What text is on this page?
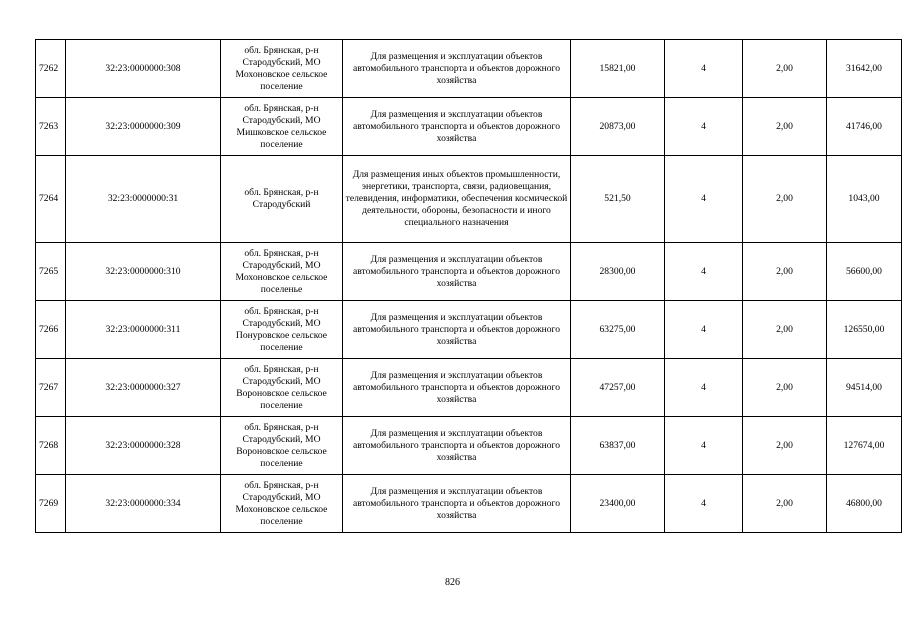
7262	32:23:0000000:308	обл. Брянская, р-н Стародубский, МО Мохоновское сельское поселение	Для размещения и эксплуатации объектов автомобильного транспорта и объектов дорожного хозяйства	15821,00	4	2,00	31642,00
7263	32:23:0000000:309	обл. Брянская, р-н Стародубский, МО Мишковское сельское поселение	Для размещения и эксплуатации объектов автомобильного транспорта и объектов дорожного хозяйства	20873,00	4	2,00	41746,00
7264	32:23:0000000:31	обл. Брянская, р-н Стародубский	Для размещения иных объектов промышленности, энергетики, транспорта, связи, радиовещания, телевидения, информатики, обеспечения космической деятельности, обороны, безопасности и иного специального назначения	521,50	4	2,00	1043,00
7265	32:23:0000000:310	обл. Брянская, р-н Стародубский, МО Мохоновское сельское поселенье	Для размещения и эксплуатации объектов автомобильного транспорта и объектов дорожного хозяйства	28300,00	4	2,00	56600,00
7266	32:23:0000000:311	обл. Брянская, р-н Стародубский, МО Понуровское сельское поселение	Для размещения и эксплуатации объектов автомобильного транспорта и объектов дорожного хозяйства	63275,00	4	2,00	126550,00
7267	32:23:0000000:327	обл. Брянская, р-н Стародубский, МО Вороновское сельское поселение	Для размещения и эксплуатации объектов автомобильного транспорта и объектов дорожного хозяйства	47257,00	4	2,00	94514,00
7268	32:23:0000000:328	обл. Брянская, р-н Стародубский, МО Вороновское сельское поселение	Для размещения и эксплуатации объектов автомобильного транспорта и объектов дорожного хозяйства	63837,00	4	2,00	127674,00
7269	32:23:0000000:334	обл. Брянская, р-н Стародубский, МО Мохоновское сельское поселение	Для размещения и эксплуатации объектов автомобильного транспорта и объектов дорожного хозяйства	23400,00	4	2,00	46800,00
826
